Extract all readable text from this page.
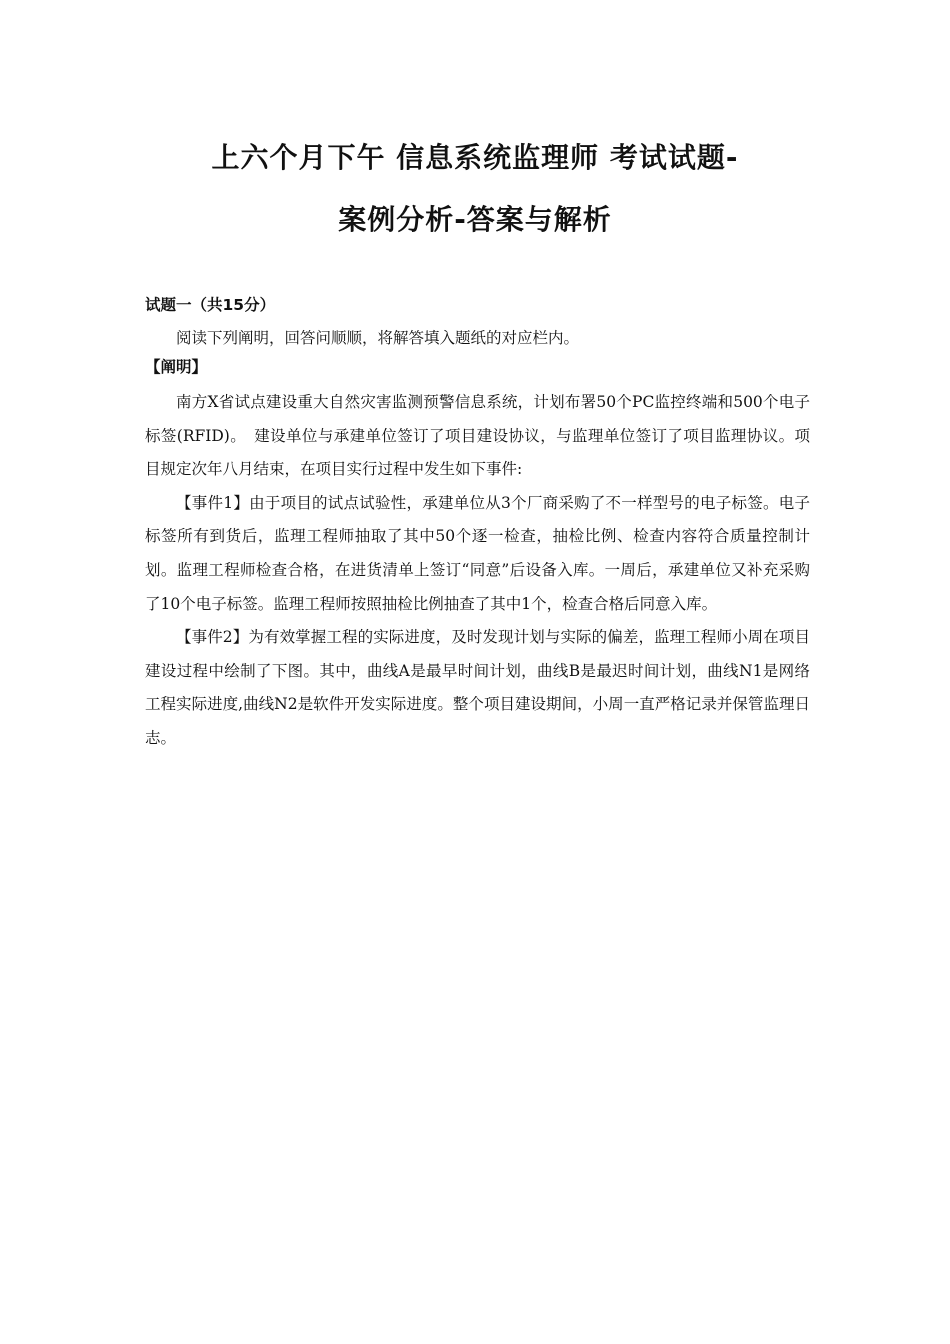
上六个月下午 信息系统监理师 考试试题-
案例分析-答案与解析
试题一（共15分）

阅读下列阐明，回答问顺顺，将解答填入题纸的对应栏内。

【阐明】

南方X省试点建设重大自然灾害监测预警信息系统，计划布署50个PC监控终端和500个电子标签(RFID)。　建设单位与承建单位签订了项目建设协议，与监理单位签订了项目监理协议。项目规定次年八月结束，在项目实行过程中发生如下事件:

【事件1】由于项目的试点试验性，承建单位从3个厂商采购了不一样型号的电子标签。电子标签所有到货后，监理工程师抽取了其中50个逐一检查，抽检比例、检查内容符合质量控制计划。监理工程师检查合格，在进货清单上签订“同意”后设备入库。一周后，承建单位又补充采购了10个电子标签。监理工程师按照抽检比例抽查了其中1个，检查合格后同意入库。

【事件2】为有效掌握工程的实际进度，及时发现计划与实际的偏差，监理工程师小周在项目建设过程中绘制了下图。其中，曲线A是最早时间计划，曲线B是最迟时间计划，曲线N1是网络工程实际进度,曲线N2是软件开发实际进度。整个项目建设期间，小周一直严格记录并保管监理日志。
